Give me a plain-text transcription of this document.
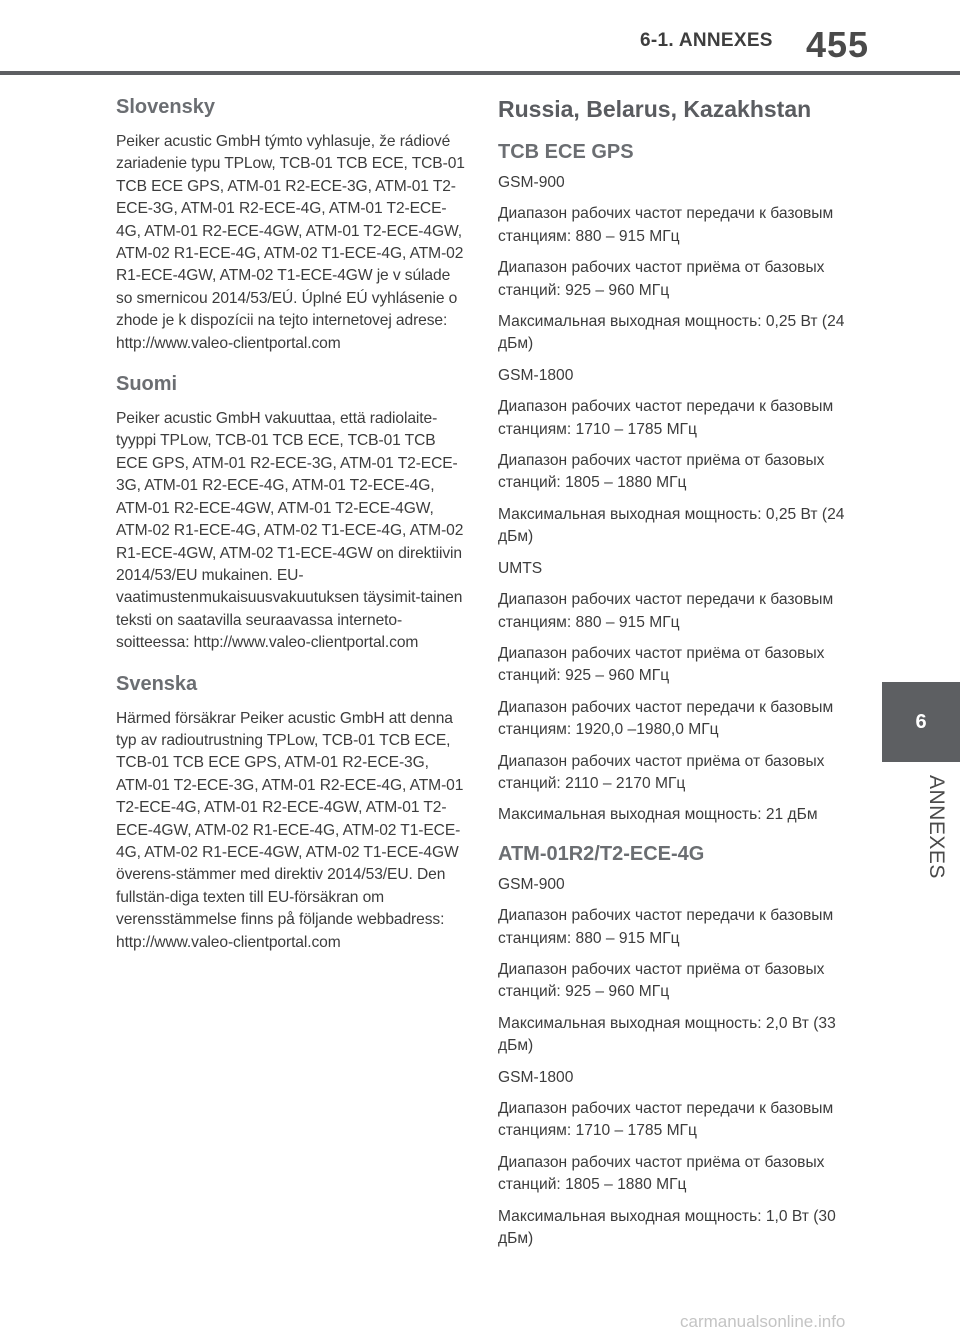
6-1. ANNEXES 455
6
ANNEXES
Slovensky

Peiker acustic GmbH týmto vyhlasuje, že rádiové zariadenie typu TPLow, TCB-01 TCB ECE, TCB-01 TCB ECE GPS, ATM-01 R2-ECE-3G, ATM-01 T2-ECE-3G, ATM-01 R2-ECE-4G, ATM-01 T2-ECE-4G, ATM-01 R2-ECE-4GW, ATM-01 T2-ECE-4GW, ATM-02 R1-ECE-4G, ATM-02 T1-ECE-4G, ATM-02 R1-ECE-4GW, ATM-02 T1-ECE-4GW je v súlade so smernicou 2014/53/EÚ. Úplné EÚ vyhlásenie o zhode je k dispozícii na tejto internetovej adrese: http://www.valeo-clientportal.com

Suomi

Peiker acustic GmbH vakuuttaa, että radiolaite-tyyppi TPLow, TCB-01 TCB ECE, TCB-01 TCB ECE GPS, ATM-01 R2-ECE-3G, ATM-01 T2-ECE-3G, ATM-01 R2-ECE-4G, ATM-01 T2-ECE-4G, ATM-01 R2-ECE-4GW, ATM-01 T2-ECE-4GW, ATM-02 R1-ECE-4G, ATM-02 T1-ECE-4G, ATM-02 R1-ECE-4GW, ATM-02 T1-ECE-4GW on direktiivin 2014/53/EU mukainen. EU-vaatimustenmukaisuusvakuutuksen täysimit-tainen teksti on saatavilla seuraavassa interneto-soitteessa: http://www.valeo-clientportal.com

Svenska

Härmed försäkrar Peiker acustic GmbH att denna typ av radioutrustning TPLow, TCB-01 TCB ECE, TCB-01 TCB ECE GPS, ATM-01 R2-ECE-3G, ATM-01 T2-ECE-3G, ATM-01 R2-ECE-4G, ATM-01 T2-ECE-4G, ATM-01 R2-ECE-4GW, ATM-01 T2-ECE-4GW, ATM-02 R1-ECE-4G, ATM-02 T1-ECE-4G, ATM-02 R1-ECE-4GW, ATM-02 T1-ECE-4GW överens-stämmer med direktiv 2014/53/EU. Den fullstän-diga texten till EU-försäkran om verensstämmelse finns på följande webbadress: http://www.valeo-clientportal.com

Russia, Belarus, Kazakhstan
TCB ECE GPS

GSM-900

Диапазон рабочих частот передачи к базовым станциям: 880 – 915 МГц

Диапазон рабочих частот приёма от базовых станций: 925 – 960 МГц

Максимальная выходная мощность: 0,25 Вт (24 дБм)

GSM-1800

Диапазон рабочих частот передачи к базовым станциям: 1710 – 1785 МГц

Диапазон рабочих частот приёма от базовых станций: 1805 – 1880 МГц

Максимальная выходная мощность: 0,25 Вт (24 дБм)

UMTS

Диапазон рабочих частот передачи к базовым станциям: 880 – 915 МГц

Диапазон рабочих частот приёма от базовых станций: 925 – 960 МГц

Диапазон рабочих частот передачи к базовым станциям: 1920,0 –1980,0 МГц

Диапазон рабочих частот приёма от базовых станций: 2110 – 2170 МГц

Максимальная выходная мощность: 21 дБм

ATM-01R2/T2-ECE-4G

GSM-900

Диапазон рабочих частот передачи к базовым станциям: 880 – 915 МГц

Диапазон рабочих частот приёма от базовых станций: 925 – 960 МГц

Максимальная выходная мощность: 2,0 Вт (33 дБм)

GSM-1800

Диапазон рабочих частот передачи к базовым станциям: 1710 – 1785 МГц

Диапазон рабочих частот приёма от базовых станций: 1805 – 1880 МГц

Максимальная выходная мощность: 1,0 Вт (30 дБм)

carmanualsonline.info
